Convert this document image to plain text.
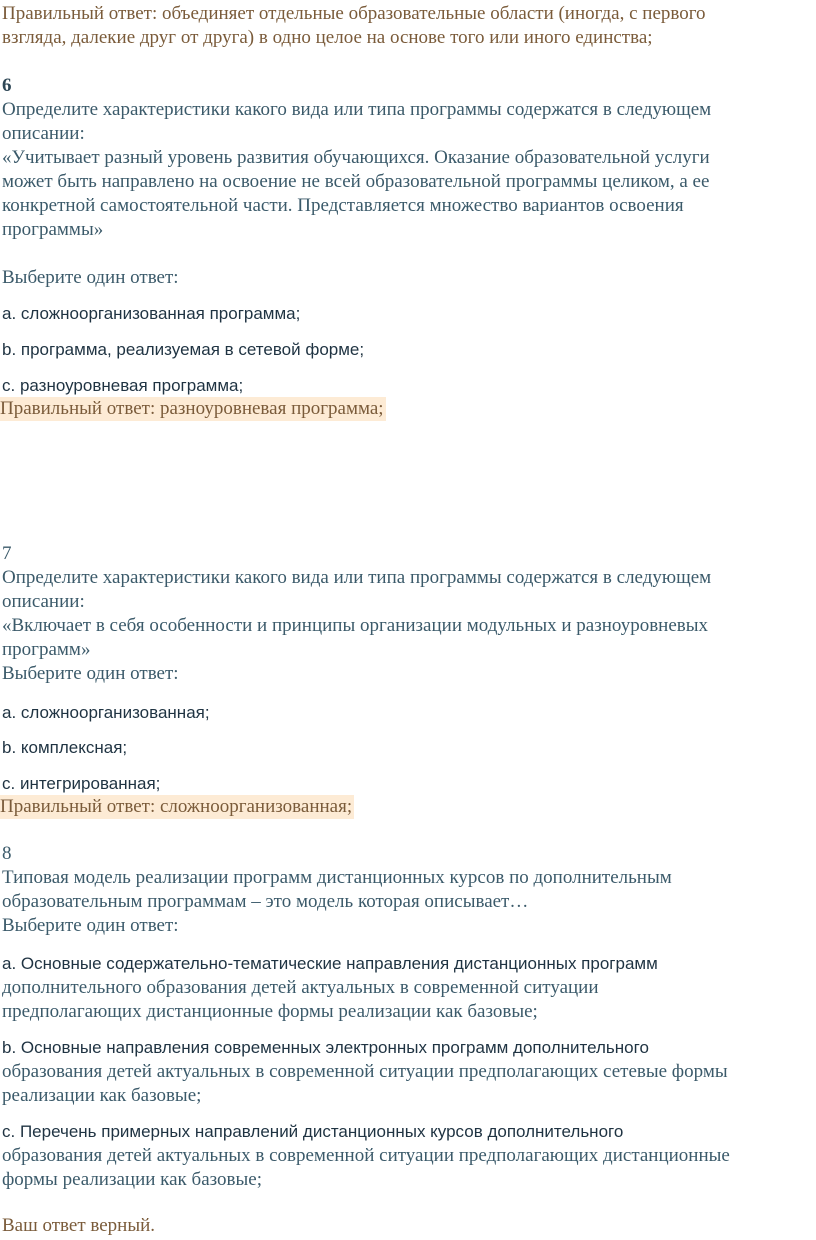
Правильный ответ: объединяет отдельные образовательные области (иногда, с первого

взгляда, далекие друг от друга) в одно целое на основе того или иного единства;

6

Определите характеристики какого вида или типа программы содержатся в следующем

описании:

«Учитывает разный уровень развития обучающихся. Оказание образовательной услуги

может быть направлено на освоение не всей образовательной программы целиком, а ее

конкретной самостоятельной части. Представляется множество вариантов освоения

программы»

Выберите один ответ:

a. сложноорганизованная программа;

b. программа, реализуемая в сетевой форме;

c. разноуровневая программа;

Правильный ответ: разноуровневая программа;

7

Определите характеристики какого вида или типа программы содержатся в следующем

описании:

«Включает в себя особенности и принципы организации модульных и разноуровневых

программ»

Выберите один ответ:

a. сложноорганизованная;

b. комплексная;

c. интегрированная;

Правильный ответ: сложноорганизованная;

8

Типовая модель реализации программ дистанционных курсов по дополнительным

образовательным программам – это модель которая описывает…

Выберите один ответ:

a. Основные содержательно-тематические направления дистанционных программ

дополнительного образования детей актуальных в современной ситуации

предполагающих дистанционные формы реализации как базовые;

b. Основные направления современных электронных программ дополнительного

образования детей актуальных в современной ситуации предполагающих сетевые формы

реализации как базовые;

c. Перечень примерных направлений дистанционных курсов дополнительного

образования детей актуальных в современной ситуации предполагающих дистанционные

формы реализации как базовые;

Ваш ответ верный.
